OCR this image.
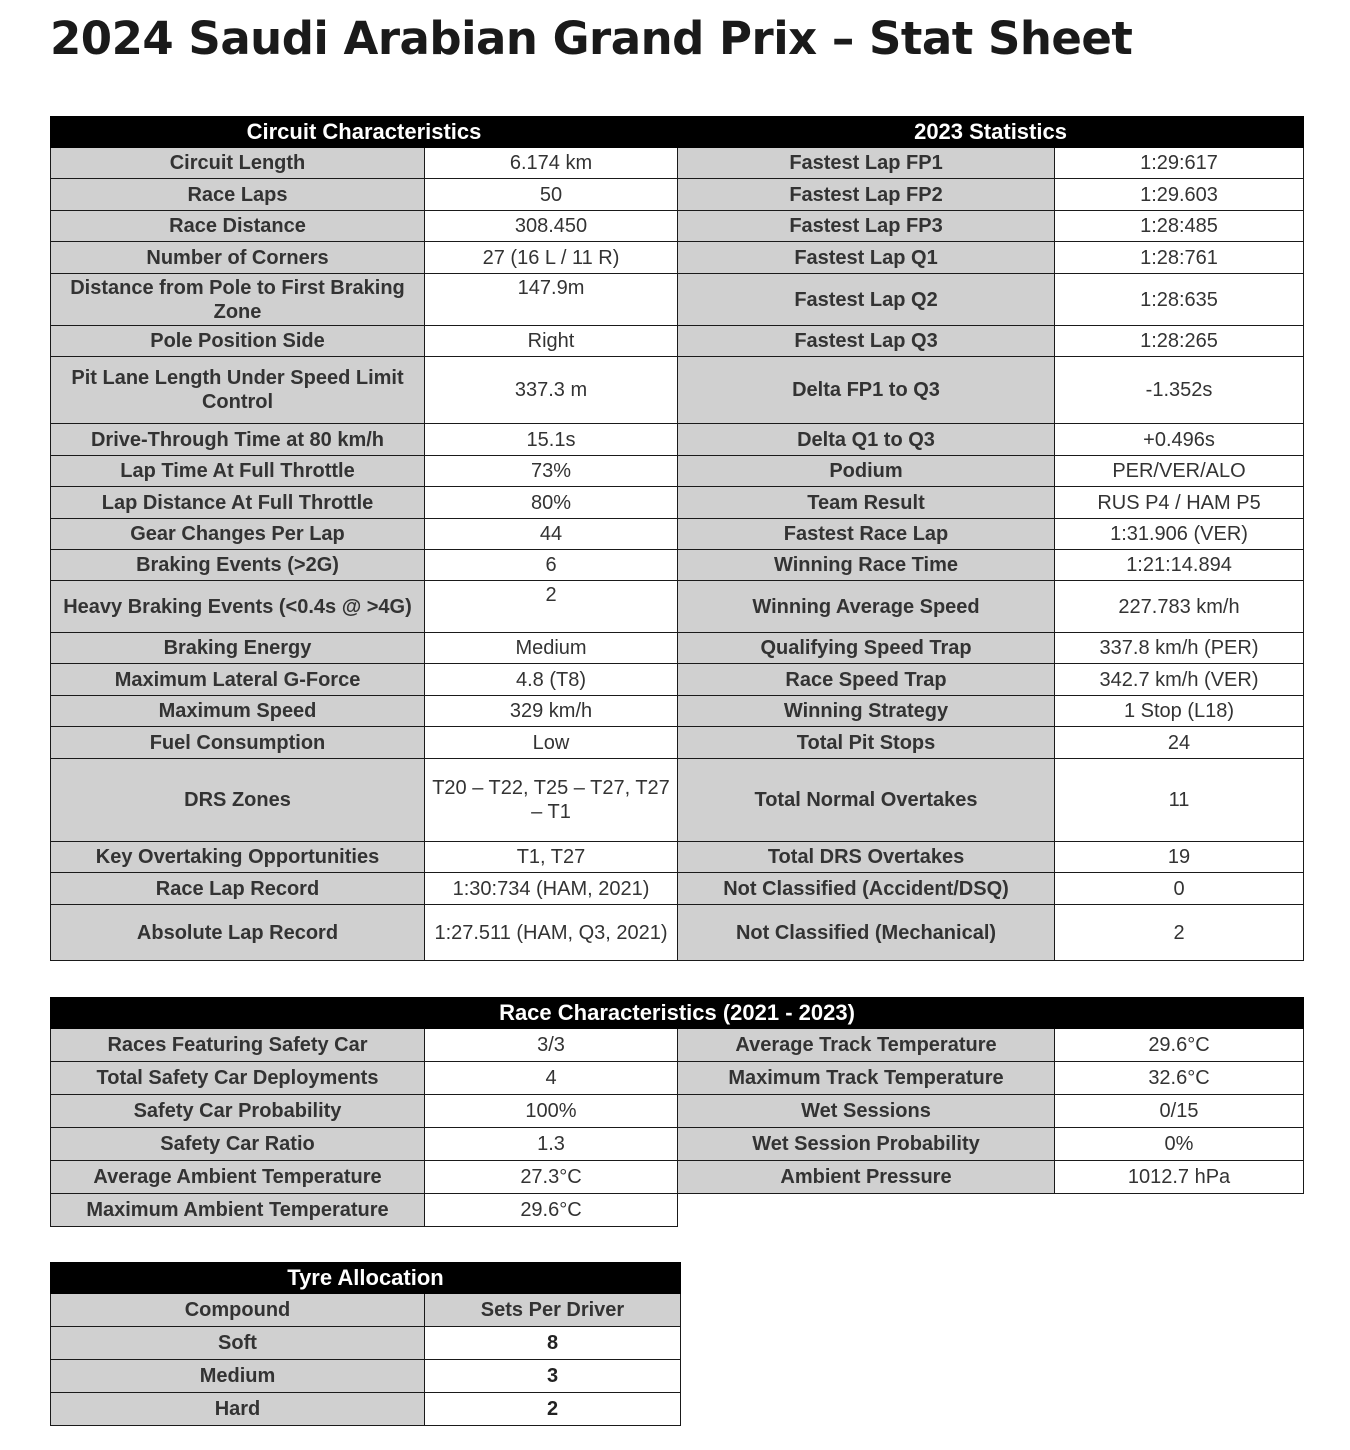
2024 Saudi Arabian Grand Prix – Stat Sheet
Circuit Characteristics		2023 Statistics	
Circuit Length	6.174 km	Fastest Lap FP1	1:29:617
Race Laps	50	Fastest Lap FP2	1:29.603
Race Distance	308.450	Fastest Lap FP3	1:28:485
Number of Corners	27 (16 L / 11 R)	Fastest Lap Q1	1:28:761
Distance from Pole to First Braking Zone	147.9m	Fastest Lap Q2	1:28:635
Pole Position Side	Right	Fastest Lap Q3	1:28:265
Pit Lane Length Under Speed Limit Control	337.3 m	Delta FP1 to Q3	-1.352s
Drive-Through Time at 80 km/h	15.1s	Delta Q1 to Q3	+0.496s
Lap Time At Full Throttle	73%	Podium	PER/VER/ALO
Lap Distance At Full Throttle	80%	Team Result	RUS P4 / HAM P5
Gear Changes Per Lap	44	Fastest Race Lap	1:31.906 (VER)
Braking Events (>2G)	6	Winning Race Time	1:21:14.894
Heavy Braking Events (<0.4s @ >4G)	2	Winning Average Speed	227.783 km/h
Braking Energy	Medium	Qualifying Speed Trap	337.8 km/h (PER)
Maximum Lateral G-Force	4.8 (T8)	Race Speed Trap	342.7 km/h (VER)
Maximum Speed	329 km/h	Winning Strategy	1 Stop (L18)
Fuel Consumption	Low	Total Pit Stops	24
DRS Zones	T20 – T22, T25 – T27, T27 – T1	Total Normal Overtakes	11
Key Overtaking Opportunities	T1, T27	Total DRS Overtakes	19
Race Lap Record	1:30:734 (HAM, 2021)	Not Classified (Accident/DSQ)	0
Absolute Lap Record	1:27.511 (HAM, Q3, 2021)	Not Classified (Mechanical)	2
Race Characteristics (2021 - 2023)			
Races Featuring Safety Car	3/3	Average Track Temperature	29.6°C
Total Safety Car Deployments	4	Maximum Track Temperature	32.6°C
Safety Car Probability	100%	Wet Sessions	0/15
Safety Car Ratio	1.3	Wet Session Probability	0%
Average Ambient Temperature	27.3°C	Ambient Pressure	1012.7 hPa
Maximum Ambient Temperature	29.6°C		
Tyre Allocation	
Compound	Sets Per Driver
Soft	8
Medium	3
Hard	2
